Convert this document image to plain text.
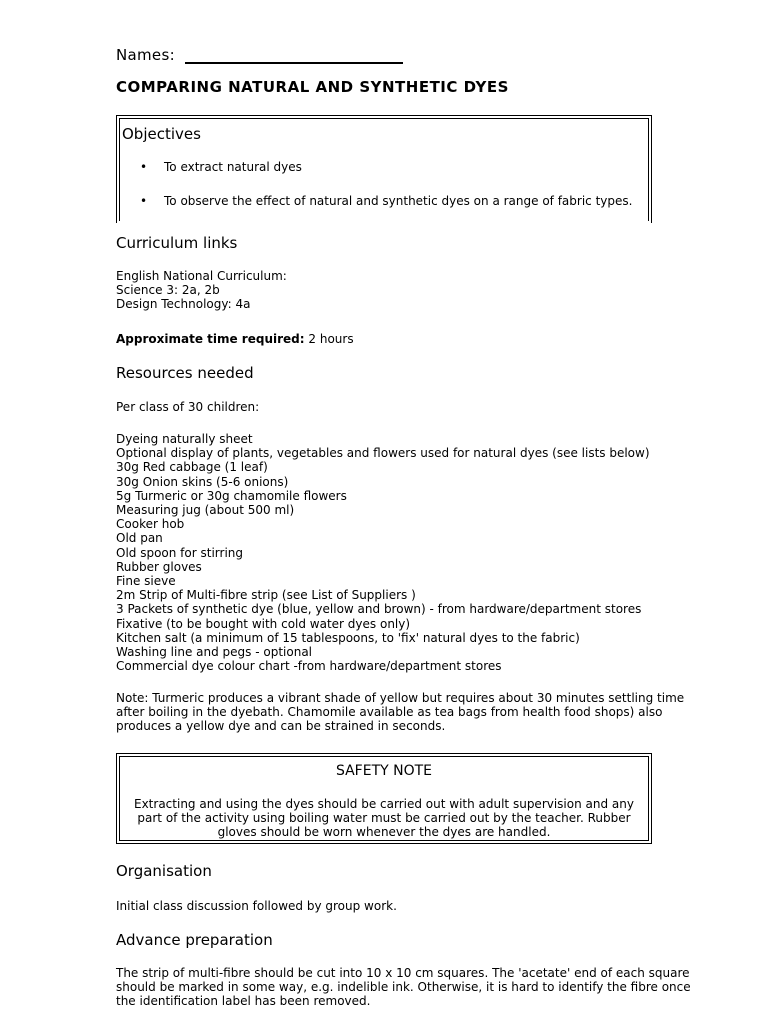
Names:
COMPARING NATURAL AND SYNTHETIC DYES
Objectives
• To extract natural dyes
• To observe the effect of natural and synthetic dyes on a range of fabric types.
Curriculum links
English National Curriculum:
Science 3: 2a, 2b
Design Technology: 4a

Approximate time required: 2 hours

Resources needed

Per class of 30 children:

Dyeing naturally sheet
Optional display of plants, vegetables and flowers used for natural dyes (see lists below)
30g Red cabbage (1 leaf)
30g Onion skins (5-6 onions)
5g Turmeric or 30g chamomile flowers
Measuring jug (about 500 ml)
Cooker hob
Old pan
Old spoon for stirring
Rubber gloves
Fine sieve
2m Strip of Multi-fibre strip (see List of Suppliers )
3 Packets of synthetic dye (blue, yellow and brown) - from hardware/department stores
Fixative (to be bought with cold water dyes only)
Kitchen salt (a minimum of 15 tablespoons, to 'fix' natural dyes to the fabric)
Washing line and pegs - optional
Commercial dye colour chart -from hardware/department stores
Note: Turmeric produces a vibrant shade of yellow but requires about 30 minutes settling time
after boiling in the dyebath. Chamomile available as tea bags from health food shops) also
produces a yellow dye and can be strained in seconds.
SAFETY NOTE
Extracting and using the dyes should be carried out with adult supervision and any part of the activity using boiling water must be carried out by the teacher. Rubber gloves should be worn whenever the dyes are handled.
Organisation

Initial class discussion followed by group work.

Advance preparation
The strip of multi-fibre should be cut into 10 x 10 cm squares. The 'acetate' end of each square
should be marked in some way, e.g. indelible ink. Otherwise, it is hard to identify the fibre once
the identification label has been removed.
